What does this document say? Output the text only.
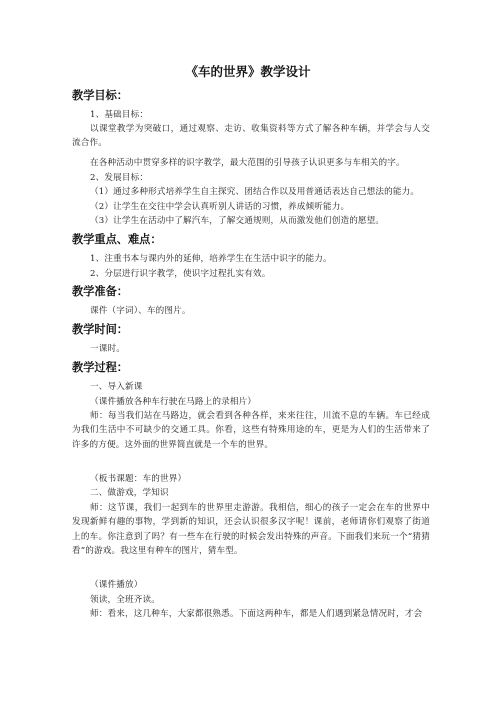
《车的世界》教学设计
教学目标：
1、基础目标：
以课堂教学为突破口，通过观察、走访、收集资料等方式了解各种车辆，并学会与人交流合作。
在各种活动中贯穿多样的识字教学，最大范围的引导孩子认识更多与车相关的字。
2、发展目标：
（1）通过多种形式培养学生自主探究、团结合作以及用普通话表达自己想法的能力。
（2）让学生在交往中学会认真听别人讲话的习惯，养成倾听能力。
（3）让学生在活动中了解汽车，了解交通规则，从而激发他们创造的愿望。
教学重点、难点：
1、注重书本与课内外的延伸，培养学生在生活中识字的能力。
2、分层进行识字教学，使识字过程扎实有效。
教学准备：
课件（字词）、车的图片。
教学时间：
一课时。
教学过程：
一、导入新课
（课件播放各种车行驶在马路上的录相片）
师：每当我们站在马路边，就会看到各种各样，来来往往，川流不息的车辆。车已经成为我们生活中不可缺少的交通工具。你看，这些有特殊用途的车，更是为人们的生活带来了许多的方便。这外面的世界简直就是一个车的世界。
（板书课题：车的世界）
二、做游戏，学知识
师：这节课，我们一起到车的世界里走游游。我相信，细心的孩子一定会在车的世界中发现新鲜有趣的事物，学到新的知识，还会认识很多汉字呢！课前，老师请你们观察了街道上的车。你注意到了吗？有一些车在行驶的时候会发出特殊的声音。下面我们来玩一个“猜猜看”的游戏。我这里有种车的图片，猜车型。
（课件播放）
领读，全班齐读。
师：看来，这几种车，大家都很熟悉。下面这两种车，都是人们遇到紧急情况时，才会
